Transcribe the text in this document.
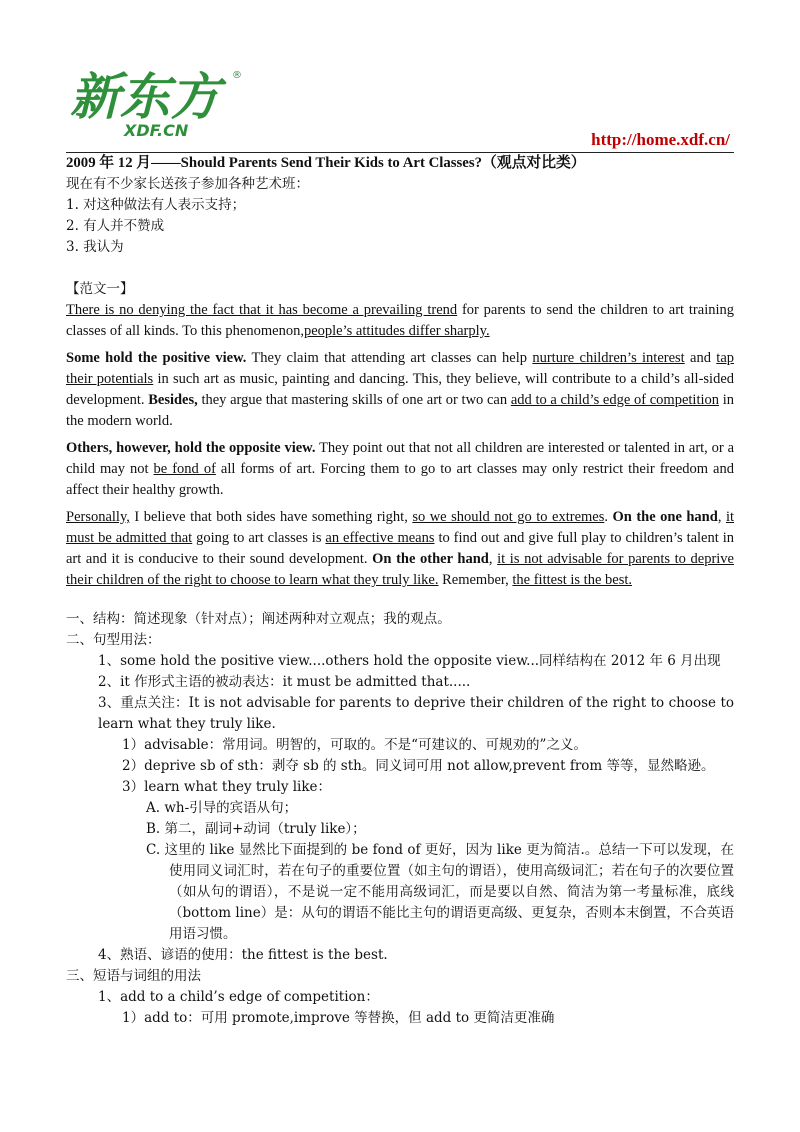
新东方	®
XDF.CN	http://home.xdf.cn/

2009 年 12 月——Should Parents Send Their Kids to Art Classes?（观点对比类）

现在有不少家长送孩子参加各种艺术班：

1. 对这种做法有人表示支持；

2. 有人并不赞成

3. 我认为

【范文一】

There is no denying the fact that it has become a prevailing trend for parents to send the children to art training classes of all kinds. To this phenomenon,people’s attitudes differ sharply.

Some hold the positive view. They claim that attending art classes can help nurture children’s interest and tap their potentials in such art as music, painting and dancing. This, they believe, will contribute to a child’s all-sided development. Besides, they argue that mastering skills of one art or two can add to a child’s edge of competition in the modern world.

Others, however, hold the opposite view. They point out that not all children are interested or talented in art, or a child may not be fond of all forms of art. Forcing them to go to art classes may only restrict their freedom and affect their healthy growth.

Personally, I believe that both sides have something right, so we should not go to extremes. On the one hand, it must be admitted that going to art classes is an effective means to find out and give full play to children’s talent in art and it is conducive to their sound development. On the other hand, it is not advisable for parents to deprive their children of the right to choose to learn what they truly like. Remember, the fittest is the best.

一、结构：简述现象（针对点）；阐述两种对立观点；我的观点。

二、句型用法：

1、some hold the positive view....others hold the opposite view...同样结构在 2012 年 6 月出现

2、it 作形式主语的被动表达：it must be admitted that.....

3、重点关注：It is not advisable for parents to deprive their children of the right to choose to learn what they truly like.

1）advisable：常用词。明智的，可取的。不是“可建议的、可规劝的”之义。

2）deprive sb of sth：剥夺 sb 的 sth。同义词可用 not allow,prevent from 等等，显然略逊。

3）learn what they truly like：

A. wh-引导的宾语从句；

B. 第二，副词+动词（truly like）；

C. 这里的 like 显然比下面提到的 be fond of 更好，因为 like 更为简洁.。总结一下可以发现，在使用同义词汇时，若在句子的重要位置（如主句的谓语），使用高级词汇；若在句子的次要位置（如从句的谓语），不是说一定不能用高级词汇，而是要以自然、简洁为第一考量标准，底线（bottom line）是：从句的谓语不能比主句的谓语更高级、更复杂，否则本末倒置，不合英语用语习惯。

4、熟语、谚语的使用：the fittest is the best.

三、短语与词组的用法

1、add to a child’s edge of competition：

1）add to：可用 promote,improve 等替换，但 add to 更简洁更准确
